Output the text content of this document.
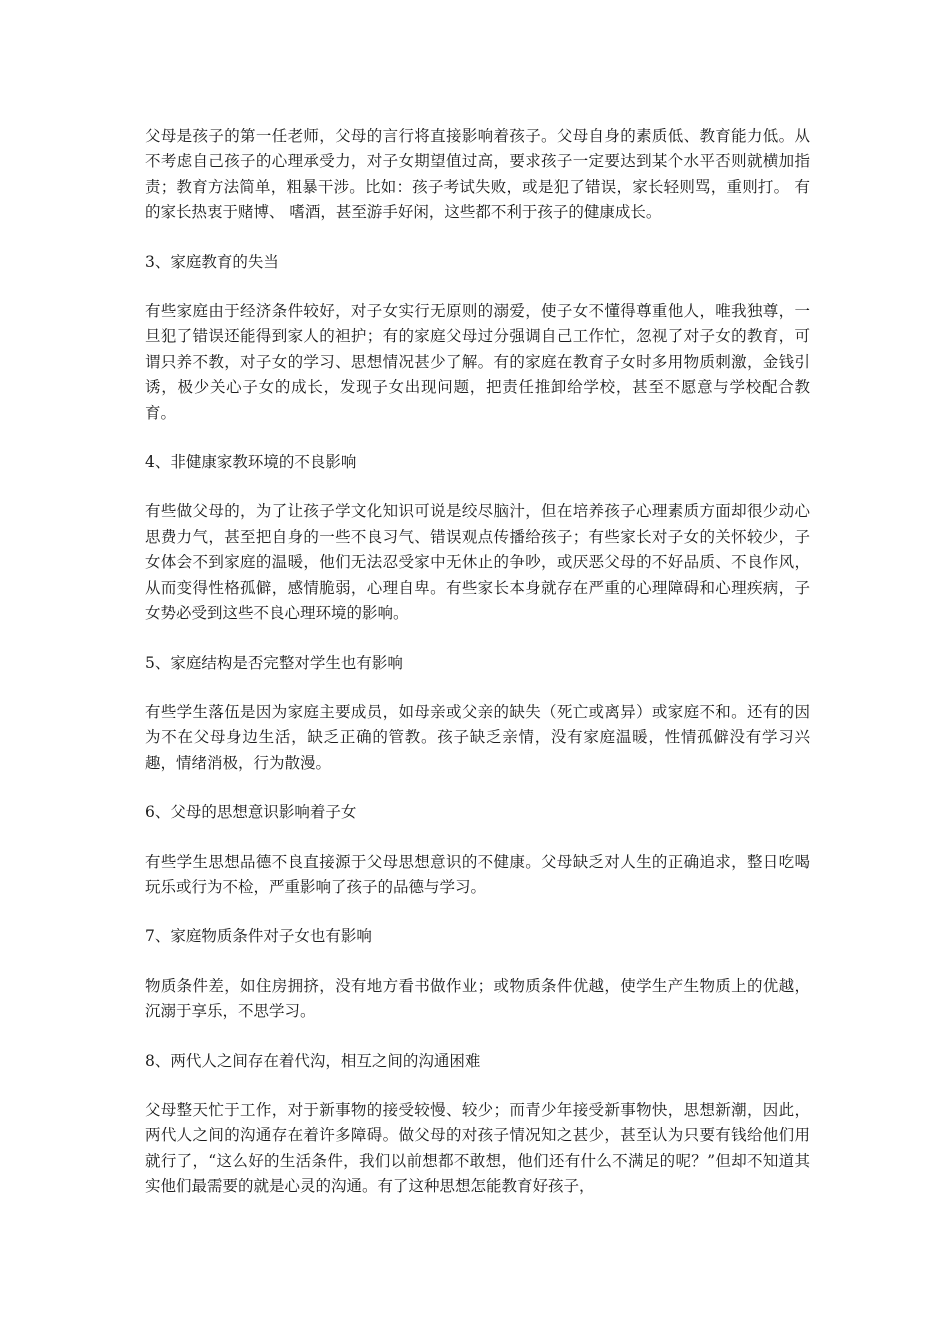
父母是孩子的第一任老师，父母的言行将直接影响着孩子。父母自身的素质低、教育能力低。从不考虑自己孩子的心理承受力，对子女期望值过高，要求孩子一定要达到某个水平否则就横加指责；教育方法简单，粗暴干涉。比如：孩子考试失败，或是犯了错误，家长轻则骂，重则打。 有的家长热衷于赌博、 嗜酒，甚至游手好闲，这些都不利于孩子的健康成长。

3、家庭教育的失当

有些家庭由于经济条件较好，对子女实行无原则的溺爱，使子女不懂得尊重他人，唯我独尊，一旦犯了错误还能得到家人的袒护；有的家庭父母过分强调自己工作忙，忽视了对子女的教育，可谓只养不教，对子女的学习、思想情况甚少了解。有的家庭在教育子女时多用物质刺激，金钱引诱，极少关心子女的成长，发现子女出现问题，把责任推卸给学校，甚至不愿意与学校配合教育。

4、非健康家教环境的不良影响

有些做父母的，为了让孩子学文化知识可说是绞尽脑汁，但在培养孩子心理素质方面却很少动心思费力气，甚至把自身的一些不良习气、错误观点传播给孩子；有些家长对子女的关怀较少，子女体会不到家庭的温暖，他们无法忍受家中无休止的争吵，或厌恶父母的不好品质、不良作风，从而变得性格孤僻，感情脆弱，心理自卑。有些家长本身就存在严重的心理障碍和心理疾病，子女势必受到这些不良心理环境的影响。

5、家庭结构是否完整对学生也有影响

有些学生落伍是因为家庭主要成员，如母亲或父亲的缺失（死亡或离异）或家庭不和。还有的因为不在父母身边生活，缺乏正确的管教。孩子缺乏亲情，没有家庭温暖，性情孤僻没有学习兴趣，情绪消极，行为散漫。

6、父母的思想意识影响着子女

有些学生思想品德不良直接源于父母思想意识的不健康。父母缺乏对人生的正确追求，整日吃喝玩乐或行为不检，严重影响了孩子的品德与学习。

7、家庭物质条件对子女也有影响

物质条件差，如住房拥挤，没有地方看书做作业；或物质条件优越，使学生产生物质上的优越，沉溺于享乐，不思学习。

8、两代人之间存在着代沟，相互之间的沟通困难

父母整天忙于工作，对于新事物的接受较慢、较少；而青少年接受新事物快，思想新潮，因此，两代人之间的沟通存在着许多障碍。做父母的对孩子情况知之甚少，甚至认为只要有钱给他们用就行了，“这么好的生活条件，我们以前想都不敢想，他们还有什么不满足的呢？”但却不知道其实他们最需要的就是心灵的沟通。有了这种思想怎能教育好孩子，
